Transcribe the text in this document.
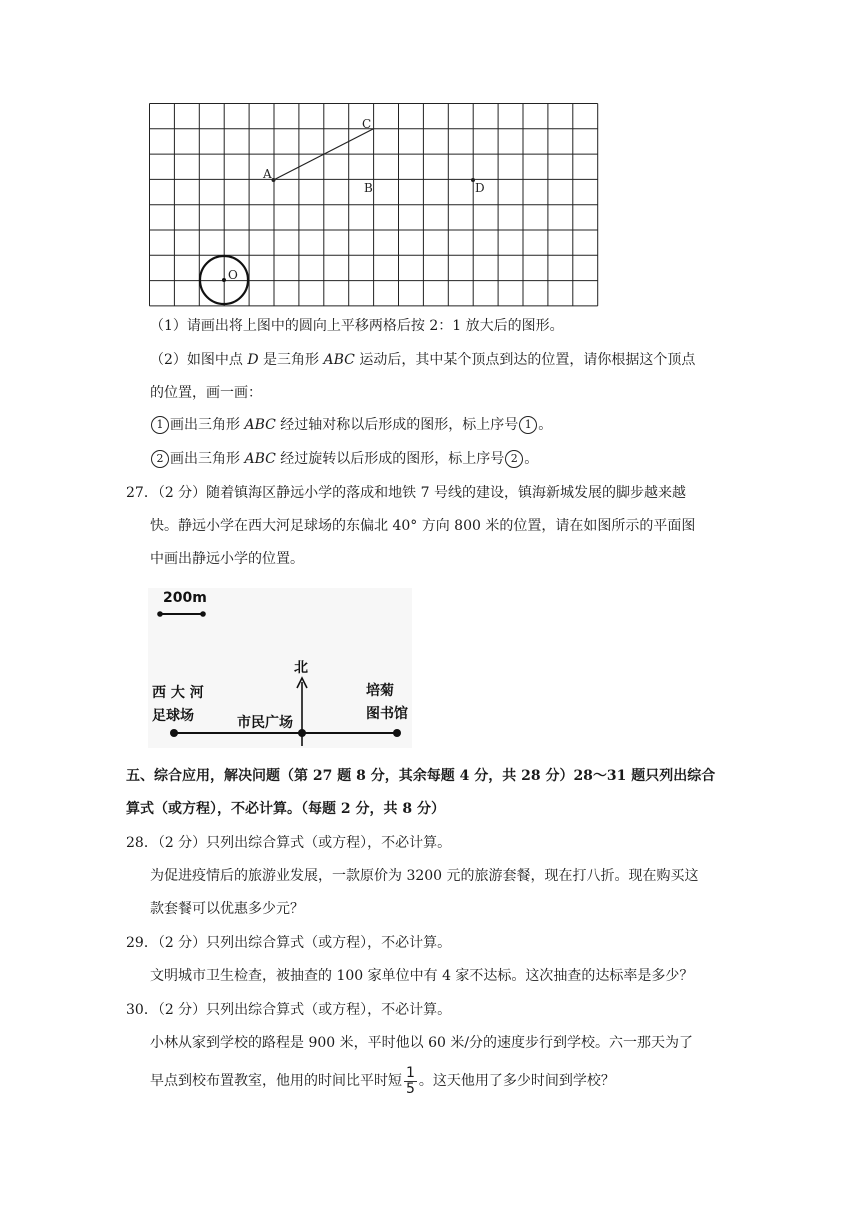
A
C
B	D
O
（1）请画出将上图中的圆向上平移两格后按 2：1 放大后的图形。
（2）如图中点 D 是三角形 ABC 运动后，其中某个顶点到达的位置，请你根据这个顶点
的位置，画一画：
1 画出三角形 ABC 经过轴对称以后形成的图形，标上序号 1 。
2 画出三角形 ABC 经过旋转以后形成的图形，标上序号 2 。
27．（2 分）随着镇海区静远小学的落成和地铁 7 号线的建设，镇海新城发展的脚步越来越
快。静远小学在西大河足球场的东偏北 40° 方向 800 米的位置，请在如图所示的平面图
中画出静远小学的位置。
200m
北
西 大 河
足球场	市民广场
培菊
图书馆
五、综合应用，解决问题（第 27 题 8 分，其余每题 4 分，共 28 分）28～31 题只列出综合
算式（或方程），不必计算。（每题 2 分，共 8 分）
28．（2 分）只列出综合算式（或方程），不必计算。
为促进疫情后的旅游业发展，一款原价为 3200 元的旅游套餐，现在打八折。现在购买这
款套餐可以优惠多少元？
29．（2 分）只列出综合算式（或方程），不必计算。
文明城市卫生检查，被抽查的 100 家单位中有 4 家不达标。这次抽查的达标率是多少？
30．（2 分）只列出综合算式（或方程），不必计算。
小林从家到学校的路程是 900 米，平时他以 60 米/分的速度步行到学校。六一那天为了
早点到校布置教室，他用的时间比平时短 $\frac{1}{5}$ 。这天他用了多少时间到学校？
